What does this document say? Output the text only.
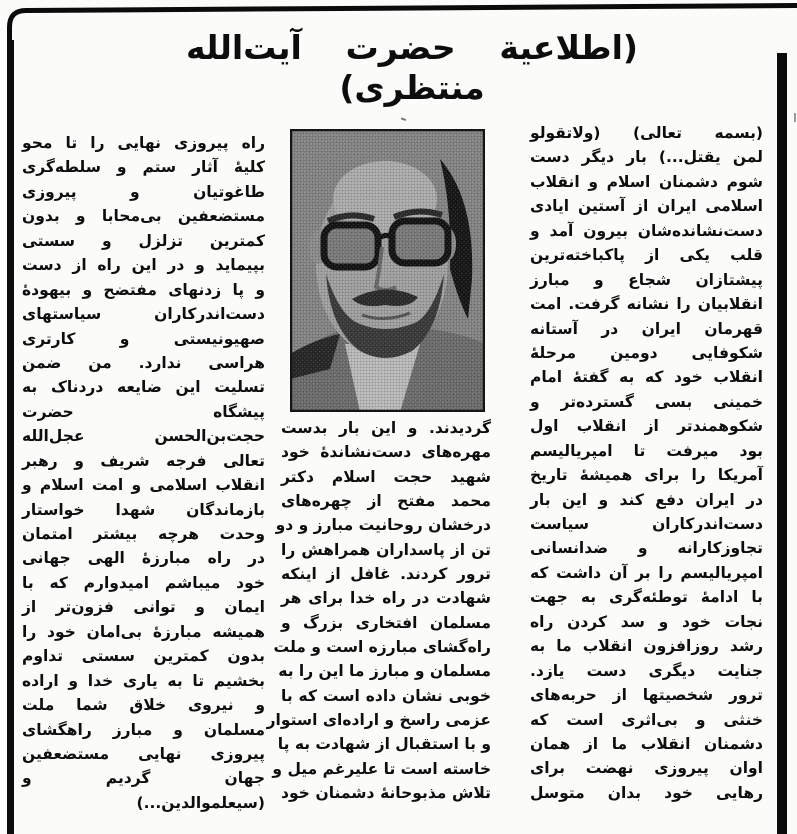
(اطلاعیة حضرت آیت‌الله
منتظری)
(بسمه تعالی) (ولاتقولو
لمن یقتل...) بار دیگر دست
شوم دشمنان اسلام و انقلاب
اسلامی ایران از آستین ایادی
دست‌نشانده‌شان بیرون آمد و
قلب یکی از پاکباخته‌ترین
پیشتازان شجاع و مبارز
انقلابیان را نشانه گرفت. امت
قهرمان ایران در آستانه
شکوفایی دومین مرحلهٔ
انقلاب خود که به گفتهٔ امام
خمینی بسی گسترده‌تر و
شکوهمندتر از انقلاب اول
بود میرفت تا امپریالیسم
آمریکا را برای همیشهٔ تاریخ
در ایران دفع کند و این بار
دست‌اندرکاران سیاست
تجاوزکارانه و ضدانسانی
امپریالیسم را بر آن داشت که
با ادامهٔ توطئه‌گری به جهت
نجات خود و سد کردن راه
رشد روزافزون انقلاب ما به
جنایت دیگری دست یازد.
ترور شخصیتها از حربه‌های
خنثی و بی‌اثری است که
دشمنان انقلاب ما از همان
اوان پیروزی نهضت برای
رهایی خود بدان متوسل
گردیدند. و این بار بدست
مهره‌های دست‌نشاندهٔ خود
شهید حجت اسلام دکتر
محمد مفتح از چهره‌های
درخشان روحانیت مبارز و دو
تن از پاسداران همراهش را
ترور کردند. غافل از اینکه
شهادت در راه خدا برای هر
مسلمان افتخاری بزرگ و
راه‌گشای مبارزه است و ملت
مسلمان و مبارز ما این را به
خوبی نشان داده است که با
عزمی راسخ و اراده‌ای استوار
و با استقبال از شهادت به پا
خاسته است تا علیرغم میل و
تلاش مذبوحانهٔ دشمنان خود
راه پیروزی نهایی را تا محو
کلیهٔ آثار ستم و سلطه‌گری
طاغوتیان و پیروزی
مستضعفین بی‌محابا و بدون
کمترین تزلزل و سستی
بپیماید و در این راه از دست
و پا زدنهای مفتضح و بیهودهٔ
دست‌اندرکاران سیاستهای
صهیونیستی و کارتری
هراسی ندارد. من ضمن
تسلیت این ضایعه دردناک به
پیشگاه حضرت
حجت‌بن‌الحسن عجل‌الله
تعالی فرجه شریف و رهبر
انقلاب اسلامی و امت اسلام و
بازماندگان شهدا خواستار
وحدت هرچه بیشتر امتمان
در راه مبارزهٔ الهی جهانی
خود میباشم امیدوارم که با
ایمان و توانی فزون‌تر از
همیشه مبارزهٔ بی‌امان خود را
بدون کمترین سستی تداوم
بخشیم تا به یاری خدا و اراده
و نیروی خلاق شما ملت
مسلمان و مبارز راهگشای
پیروزی نهایی مستضعفین
جهان گردیم و
(سیعلموالدین...)
